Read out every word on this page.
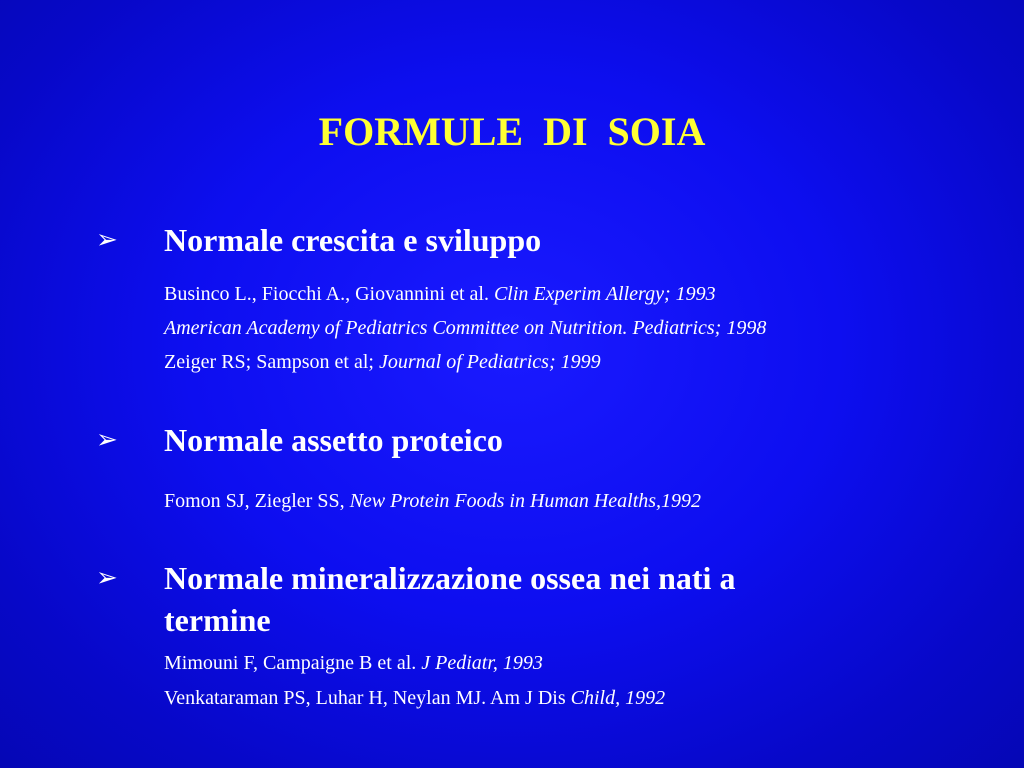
FORMULE  DI  SOIA
➢	Normale crescita e sviluppo
Businco L., Fiocchi A., Giovannini et al. Clin Experim Allergy; 1993
American Academy of Pediatrics Committee on Nutrition. Pediatrics; 1998
Zeiger RS; Sampson et al; Journal of Pediatrics; 1999
➢	Normale assetto proteico
Fomon SJ, Ziegler SS, New Protein Foods in Human Healths,1992
➢	Normale mineralizzazione ossea nei nati a
termine
Mimouni F, Campaigne B et al. J Pediatr, 1993
Venkataraman PS, Luhar H, Neylan MJ. Am J Dis Child, 1992
